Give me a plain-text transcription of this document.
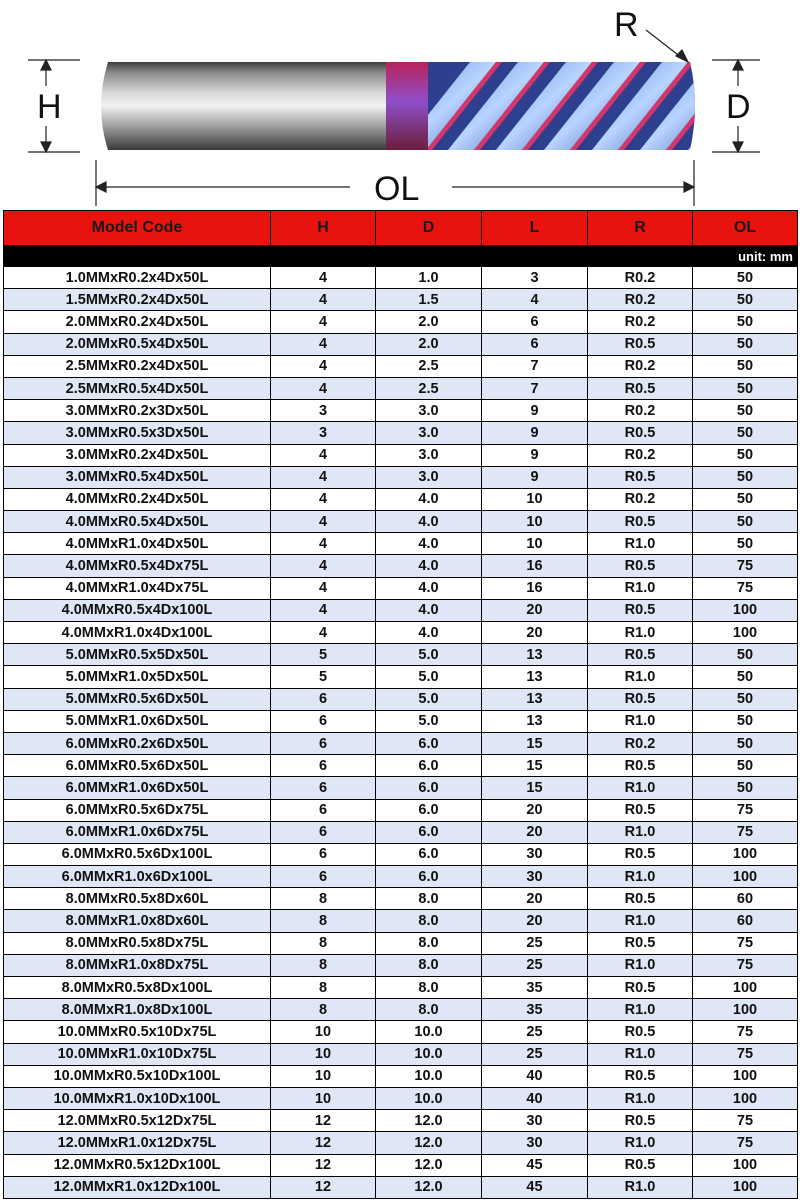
H	D
R
OL
Model Code	H	D	L	R	OL
unit: mm					
1.0MMxR0.2x4Dx50L	4	1.0	3	R0.2	50
1.5MMxR0.2x4Dx50L	4	1.5	4	R0.2	50
2.0MMxR0.2x4Dx50L	4	2.0	6	R0.2	50
2.0MMxR0.5x4Dx50L	4	2.0	6	R0.5	50
2.5MMxR0.2x4Dx50L	4	2.5	7	R0.2	50
2.5MMxR0.5x4Dx50L	4	2.5	7	R0.5	50
3.0MMxR0.2x3Dx50L	3	3.0	9	R0.2	50
3.0MMxR0.5x3Dx50L	3	3.0	9	R0.5	50
3.0MMxR0.2x4Dx50L	4	3.0	9	R0.2	50
3.0MMxR0.5x4Dx50L	4	3.0	9	R0.5	50
4.0MMxR0.2x4Dx50L	4	4.0	10	R0.2	50
4.0MMxR0.5x4Dx50L	4	4.0	10	R0.5	50
4.0MMxR1.0x4Dx50L	4	4.0	10	R1.0	50
4.0MMxR0.5x4Dx75L	4	4.0	16	R0.5	75
4.0MMxR1.0x4Dx75L	4	4.0	16	R1.0	75
4.0MMxR0.5x4Dx100L	4	4.0	20	R0.5	100
4.0MMxR1.0x4Dx100L	4	4.0	20	R1.0	100
5.0MMxR0.5x5Dx50L	5	5.0	13	R0.5	50
5.0MMxR1.0x5Dx50L	5	5.0	13	R1.0	50
5.0MMxR0.5x6Dx50L	6	5.0	13	R0.5	50
5.0MMxR1.0x6Dx50L	6	5.0	13	R1.0	50
6.0MMxR0.2x6Dx50L	6	6.0	15	R0.2	50
6.0MMxR0.5x6Dx50L	6	6.0	15	R0.5	50
6.0MMxR1.0x6Dx50L	6	6.0	15	R1.0	50
6.0MMxR0.5x6Dx75L	6	6.0	20	R0.5	75
6.0MMxR1.0x6Dx75L	6	6.0	20	R1.0	75
6.0MMxR0.5x6Dx100L	6	6.0	30	R0.5	100
6.0MMxR1.0x6Dx100L	6	6.0	30	R1.0	100
8.0MMxR0.5x8Dx60L	8	8.0	20	R0.5	60
8.0MMxR1.0x8Dx60L	8	8.0	20	R1.0	60
8.0MMxR0.5x8Dx75L	8	8.0	25	R0.5	75
8.0MMxR1.0x8Dx75L	8	8.0	25	R1.0	75
8.0MMxR0.5x8Dx100L	8	8.0	35	R0.5	100
8.0MMxR1.0x8Dx100L	8	8.0	35	R1.0	100
10.0MMxR0.5x10Dx75L	10	10.0	25	R0.5	75
10.0MMxR1.0x10Dx75L	10	10.0	25	R1.0	75
10.0MMxR0.5x10Dx100L	10	10.0	40	R0.5	100
10.0MMxR1.0x10Dx100L	10	10.0	40	R1.0	100
12.0MMxR0.5x12Dx75L	12	12.0	30	R0.5	75
12.0MMxR1.0x12Dx75L	12	12.0	30	R1.0	75
12.0MMxR0.5x12Dx100L	12	12.0	45	R0.5	100
12.0MMxR1.0x12Dx100L	12	12.0	45	R1.0	100
